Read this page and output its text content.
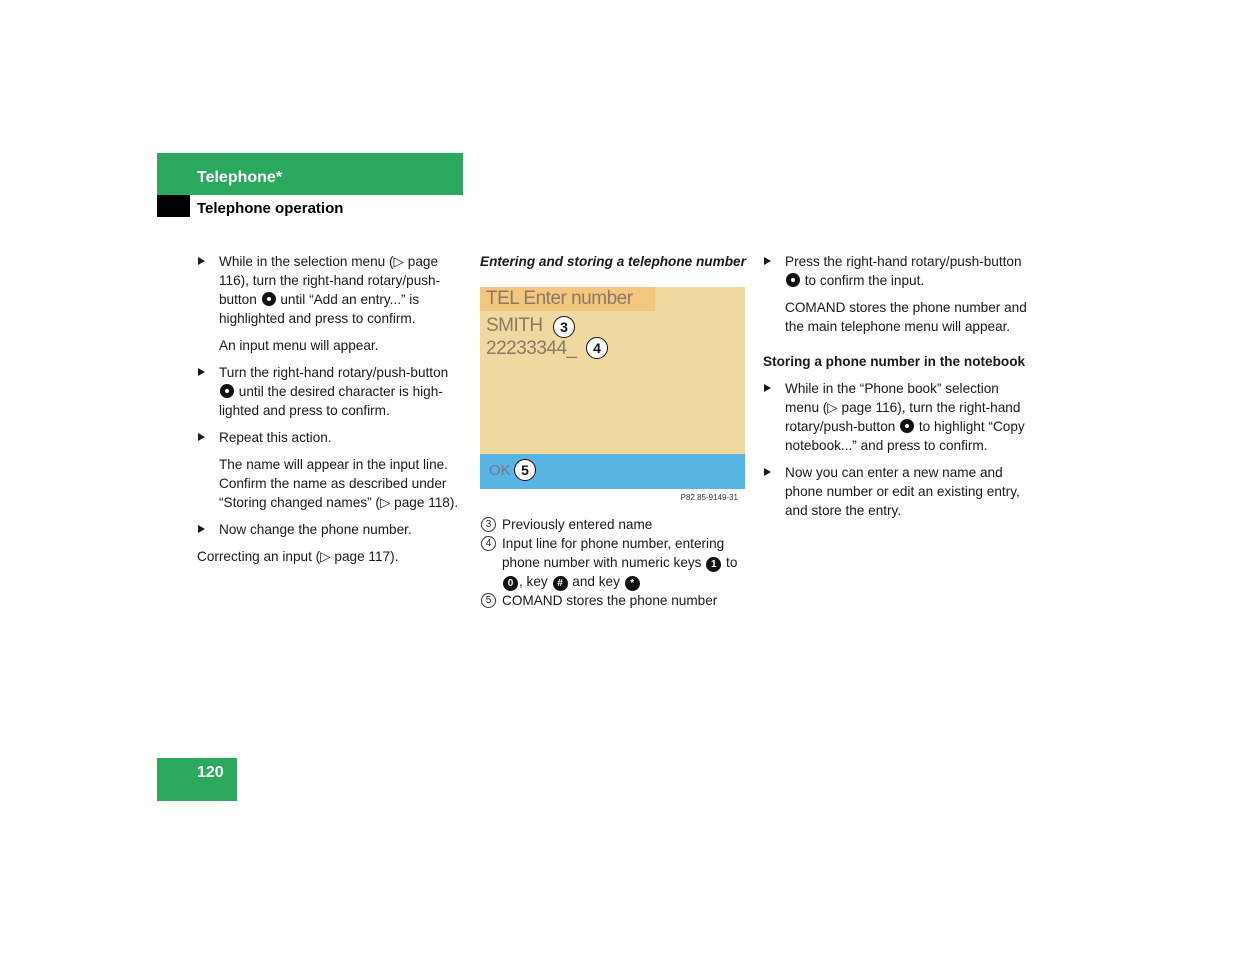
Telephone*
Telephone operation
While in the selection menu (▷ page 116), turn the right-hand rotary/push-button until “Add an entry...” is highlighted and press to confirm.
An input menu will appear.
Turn the right-hand rotary/push-button  until the desired character is highlighted and press to confirm.
Repeat this action.
The name will appear in the input line. Confirm the name as described under “Storing changed names” (▷ page 118).
Now change the phone number.
Correcting an input (▷ page 117).
Entering and storing a telephone number
TEL Enter number
SMITH
22233344_
OK
3
4
5
P82.85-9149-31
3 Previously entered name
4 Input line for phone number, entering phone number with numeric keys 1 to 0 , key # and key *
5 COMAND stores the phone number
Press the right-hand rotary/push-button  to confirm the input.
COMAND stores the phone number and the main telephone menu will appear.
Storing a phone number in the notebook
While in the “Phone book” selection menu (▷ page 116), turn the right-hand rotary/push-button to highlight “Copy notebook...” and press to confirm.
Now you can enter a new name and phone number or edit an existing entry, and store the entry.
120
